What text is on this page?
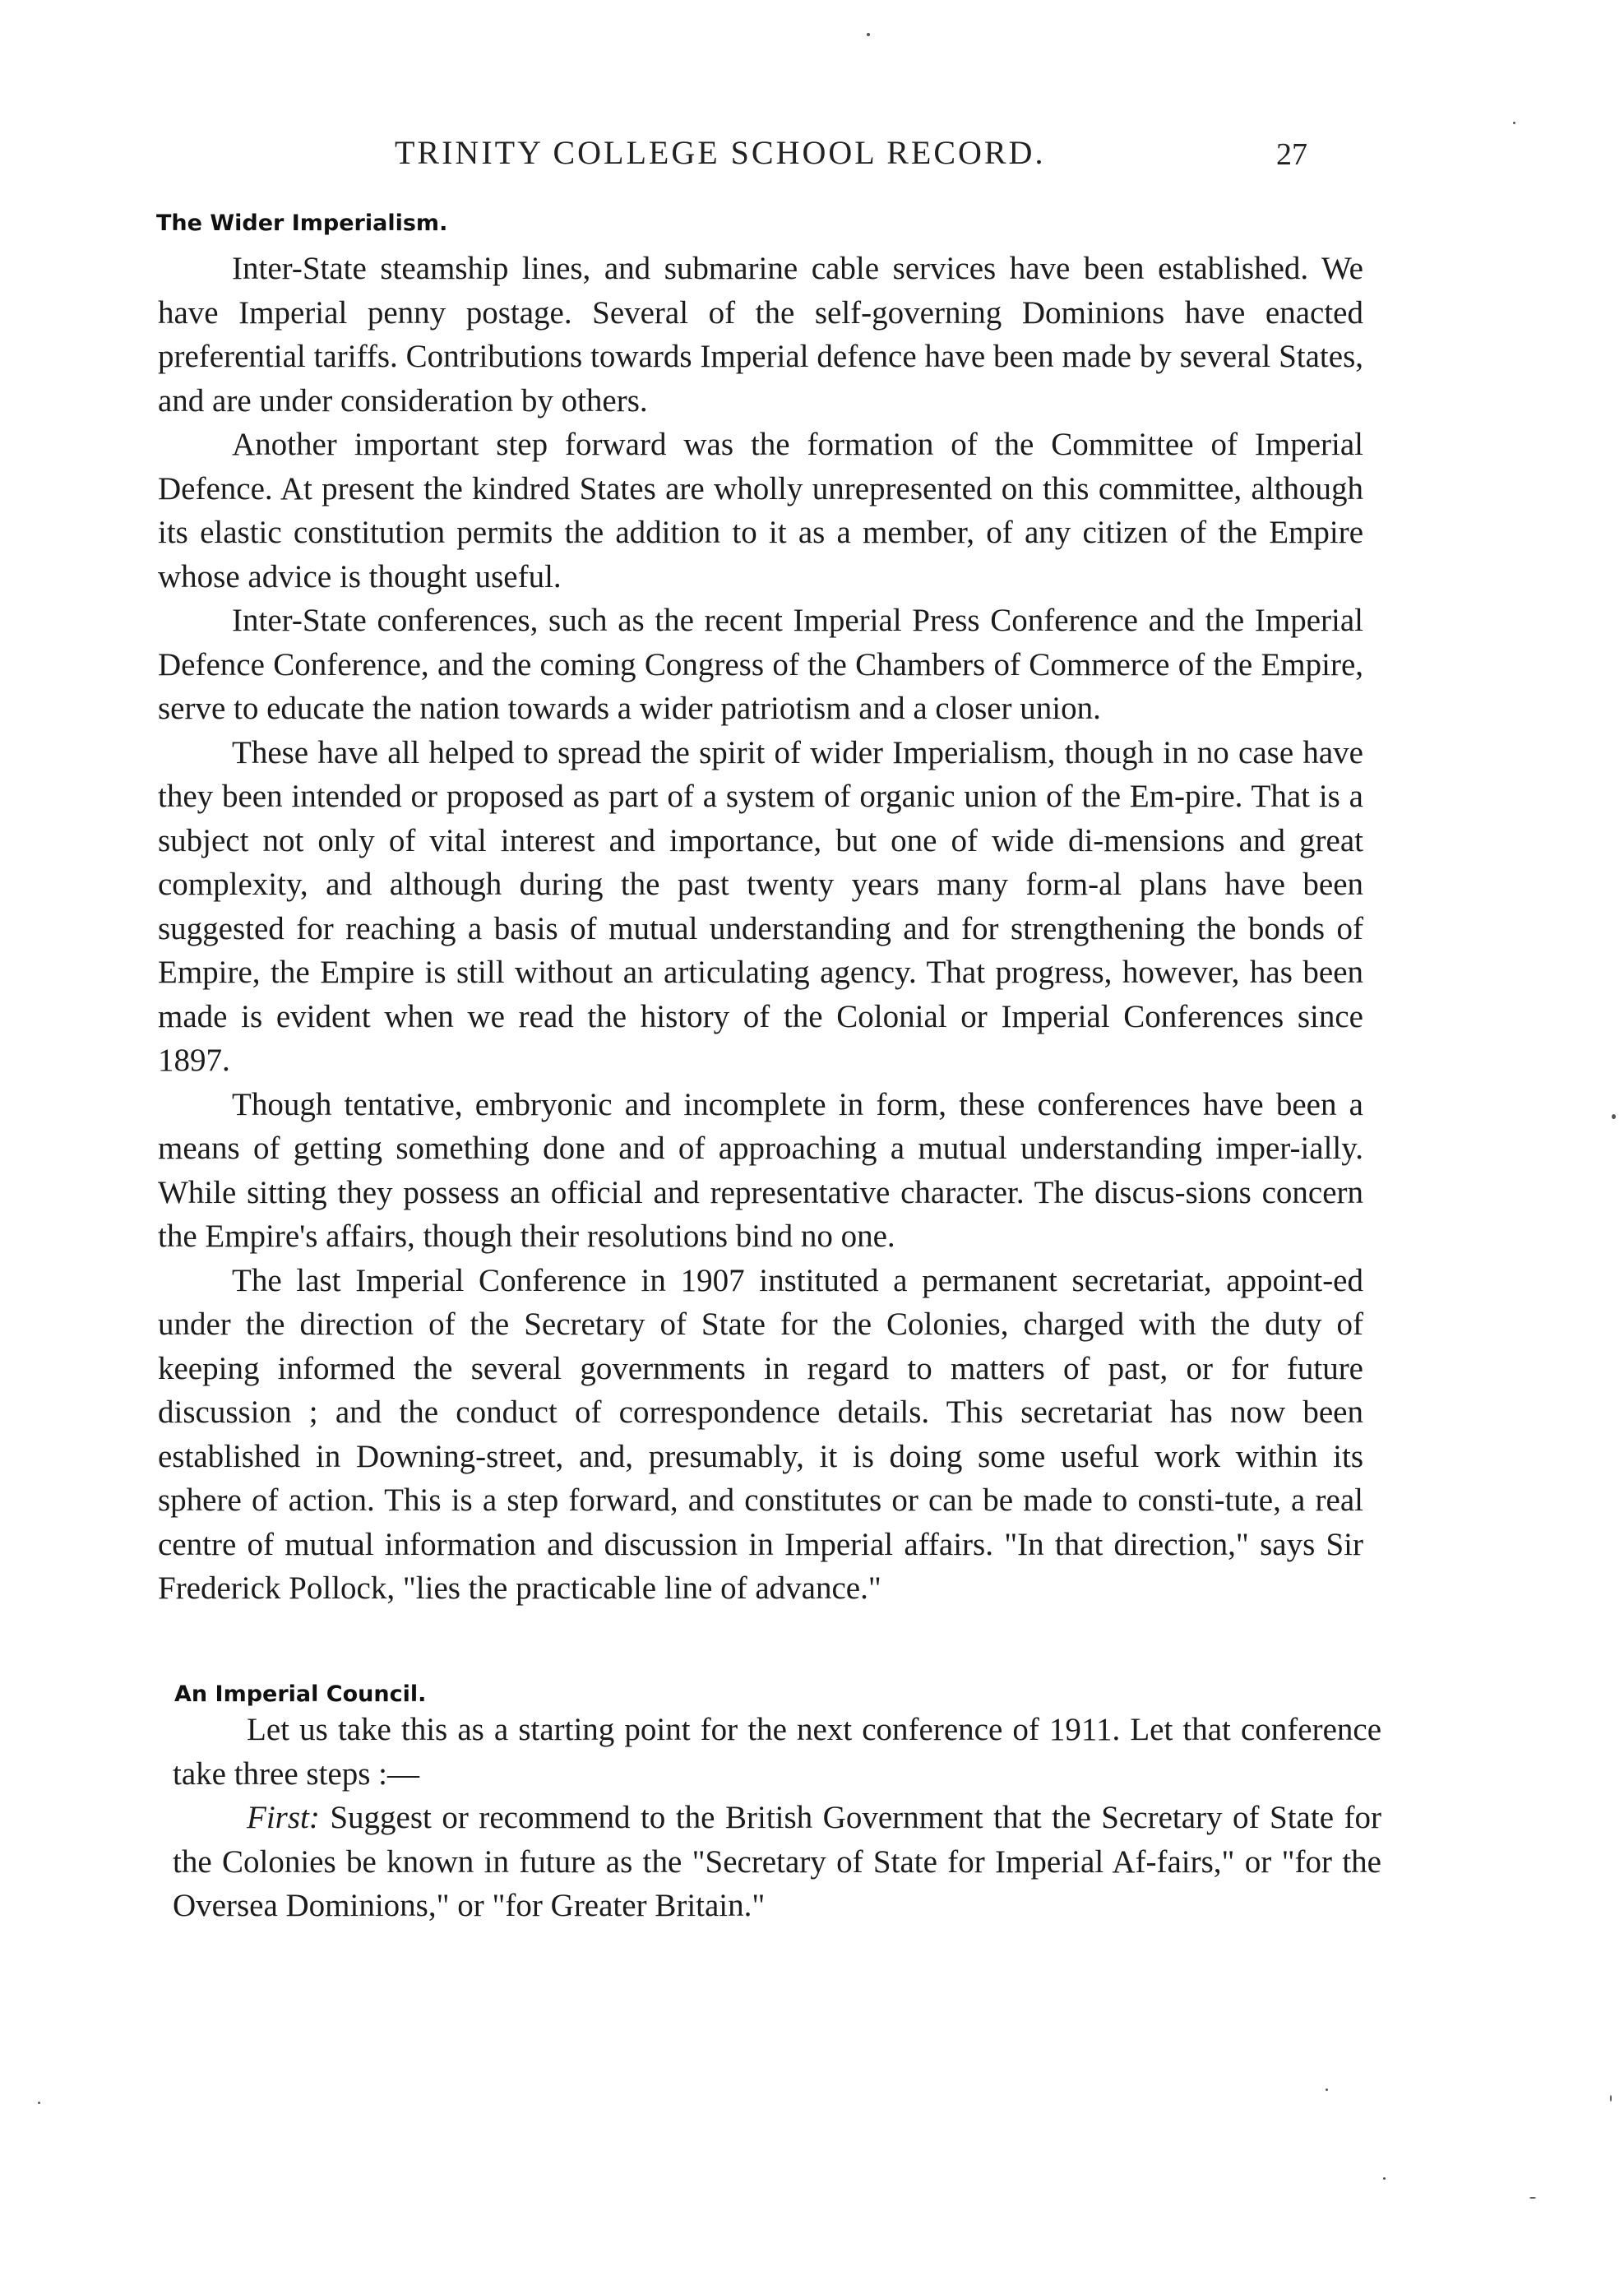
TRINITY COLLEGE SCHOOL RECORD.	27
The Wider Imperialism.

Inter-State steamship lines, and submarine cable services have been established. We have Imperial penny postage. Several of the self-governing Dominions have enacted preferential tariffs. Contributions towards Imperial defence have been made by several States, and are under consideration by others.

Another important step forward was the formation of the Committee of Imperial Defence. At present the kindred States are wholly unrepresented on this committee, although its elastic constitution permits the addition to it as a member, of any citizen of the Empire whose advice is thought useful.

Inter-State conferences, such as the recent Imperial Press Conference and the Imperial Defence Conference, and the coming Congress of the Chambers of Commerce of the Empire, serve to educate the nation towards a wider patriotism and a closer union.

These have all helped to spread the spirit of wider Imperialism, though in no case have they been intended or proposed as part of a system of organic union of the Em-pire. That is a subject not only of vital interest and importance, but one of wide di-mensions and great complexity, and although during the past twenty years many form-al plans have been suggested for reaching a basis of mutual understanding and for strengthening the bonds of Empire, the Empire is still without an articulating agency. That progress, however, has been made is evident when we read the history of the Colonial or Imperial Conferences since 1897.

Though tentative, embryonic and incomplete in form, these conferences have been a means of getting something done and of approaching a mutual understanding imper-ially. While sitting they possess an official and representative character. The discus-sions concern the Empire's affairs, though their resolutions bind no one.

The last Imperial Conference in 1907 instituted a permanent secretariat, appoint-ed under the direction of the Secretary of State for the Colonies, charged with the duty of keeping informed the several governments in regard to matters of past, or for future discussion ; and the conduct of correspondence details. This secretariat has now been established in Downing-street, and, presumably, it is doing some useful work within its sphere of action. This is a step forward, and constitutes or can be made to consti-tute, a real centre of mutual information and discussion in Imperial affairs. "In that direction," says Sir Frederick Pollock, "lies the practicable line of advance."

An Imperial Council.

Let us take this as a starting point for the next conference of 1911. Let that conference take three steps :—

First: Suggest or recommend to the British Government that the Secretary of State for the Colonies be known in future as the "Secretary of State for Imperial Af-fairs," or "for the Oversea Dominions," or "for Greater Britain."
